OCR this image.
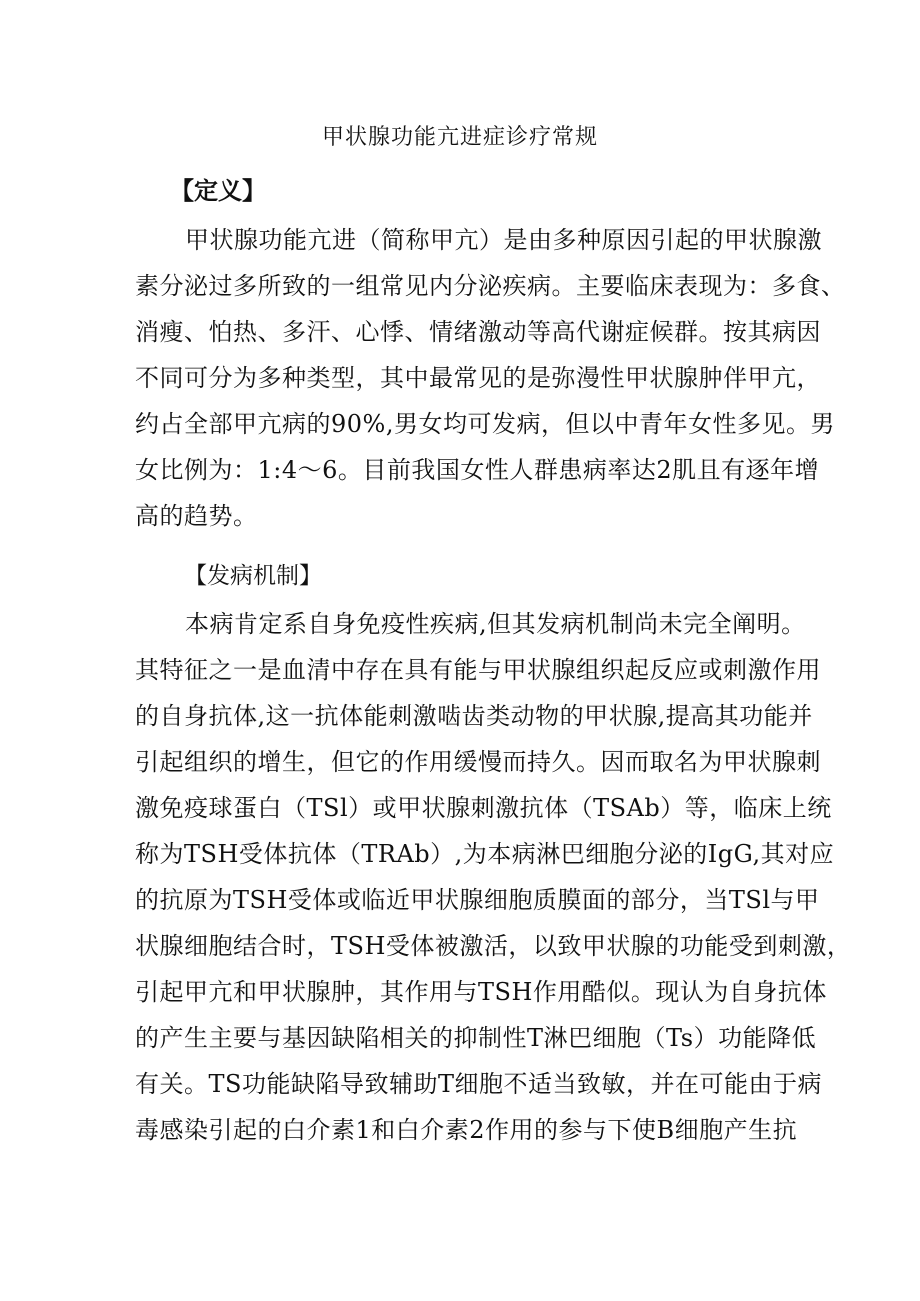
甲状腺功能亢进症诊疗常规
【定义】
甲状腺功能亢进（简称甲亢）是由多种原因引起的甲状腺激
素分泌过多所致的一组常见内分泌疾病。主要临床表现为：多食、
消瘦、怕热、多汗、心悸、情绪激动等高代谢症候群。按其病因
不同可分为多种类型，其中最常见的是弥漫性甲状腺肿伴甲亢，
约占全部甲亢病的90%,男女均可发病，但以中青年女性多见。男
女比例为：1:4～6。目前我国女性人群患病率达2肌且有逐年增
高的趋势。
【发病机制】
本病肯定系自身免疫性疾病,但其发病机制尚未完全阐明。
其特征之一是血清中存在具有能与甲状腺组织起反应或刺激作用
的自身抗体,这一抗体能刺激啮齿类动物的甲状腺,提高其功能并
引起组织的增生，但它的作用缓慢而持久。因而取名为甲状腺刺
激免疫球蛋白（TSl）或甲状腺刺激抗体（TSAb）等，临床上统
称为TSH受体抗体（TRAb）,为本病淋巴细胞分泌的IgG,其对应
的抗原为TSH受体或临近甲状腺细胞质膜面的部分，当TSl与甲
状腺细胞结合时，TSH受体被激活，以致甲状腺的功能受到刺激，
引起甲亢和甲状腺肿，其作用与TSH作用酷似。现认为自身抗体
的产生主要与基因缺陷相关的抑制性T淋巴细胞（Ts）功能降低
有关。TS功能缺陷导致辅助T细胞不适当致敏，并在可能由于病
毒感染引起的白介素1和白介素2作用的参与下使B细胞产生抗
